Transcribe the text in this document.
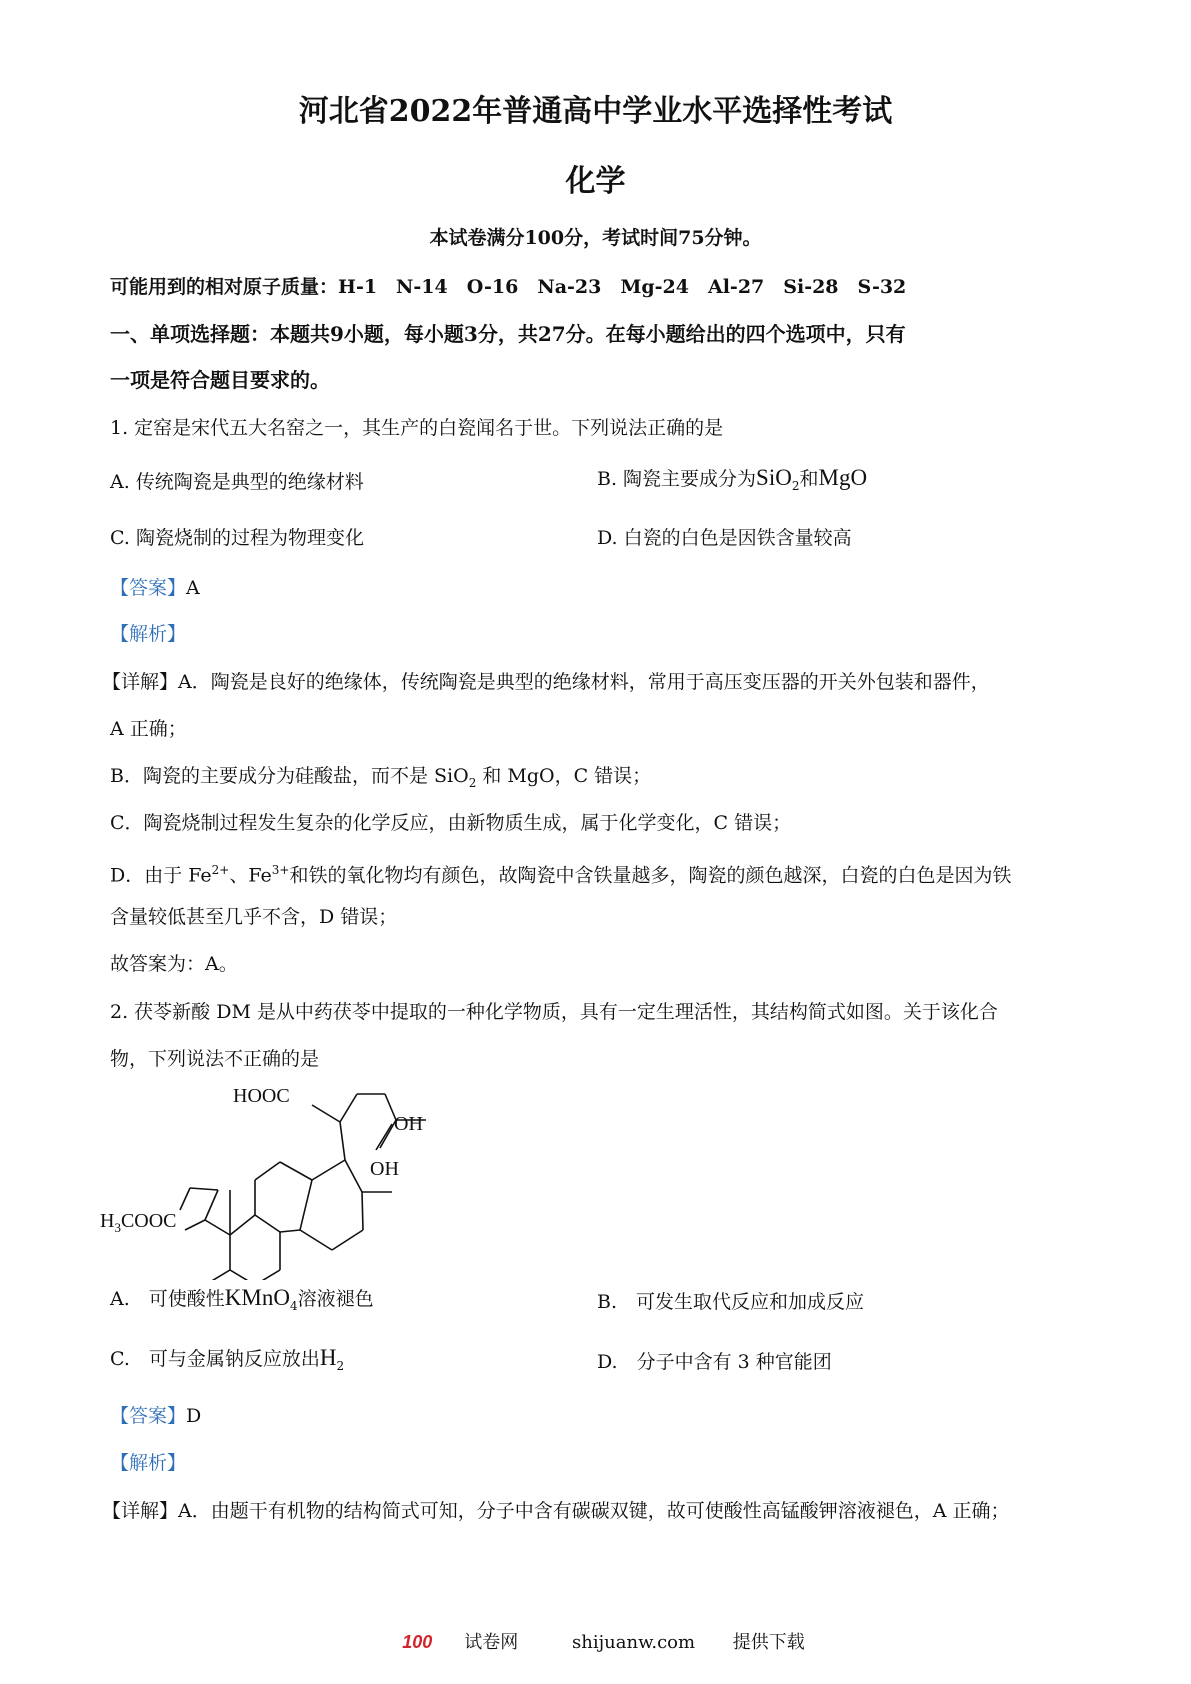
河北省2022年普通高中学业水平选择性考试
化学
本试卷满分100分，考试时间75分钟。
可能用到的相对原子质量：H-1　N-14　O-16　Na-23　Mg-24　Al-27　Si-28　S-32
一、单项选择题：本题共9小题，每小题3分，共27分。在每小题给出的四个选项中，只有
一项是符合题目要求的。
1. 定窑是宋代五大名窑之一，其生产的白瓷闻名于世。下列说法正确的是
A. 传统陶瓷是典型的绝缘材料	B. 陶瓷主要成分为SiO$_2$和MgO
C. 陶瓷烧制的过程为物理变化	D. 白瓷的白色是因铁含量较高
【答案】A
【解析】
【详解】A．陶瓷是良好的绝缘体，传统陶瓷是典型的绝缘材料，常用于高压变压器的开关外包装和器件，
A 正确；
B．陶瓷的主要成分为硅酸盐，而不是 SiO$_2$ 和 MgO，C 错误；
C．陶瓷烧制过程发生复杂的化学反应，由新物质生成，属于化学变化，C 错误；
D．由于 $Fe^{2+}$、$Fe^{3+}$和铁的氧化物均有颜色，故陶瓷中含铁量越多，陶瓷的颜色越深，白瓷的白色是因为铁
含量较低甚至几乎不含，D 错误；
故答案为：A。
2. 茯苓新酸 DM 是从中药茯苓中提取的一种化学物质，具有一定生理活性，其结构简式如图。关于该化合
物，下列说法不正确的是
HOOC
OH
OH
$H_3COOC$
A.　可使酸性KMnO$_4$溶液褪色	B.　可发生取代反应和加成反应
C.　可与金属钠反应放出$H_2$	D.　分子中含有 3 种官能团
【答案】D
【解析】
【详解】A．由题干有机物的结构简式可知，分子中含有碳碳双键，故可使酸性高锰酸钾溶液褪色，A 正确；
100 试卷网	shijuanw.com 提供下载
